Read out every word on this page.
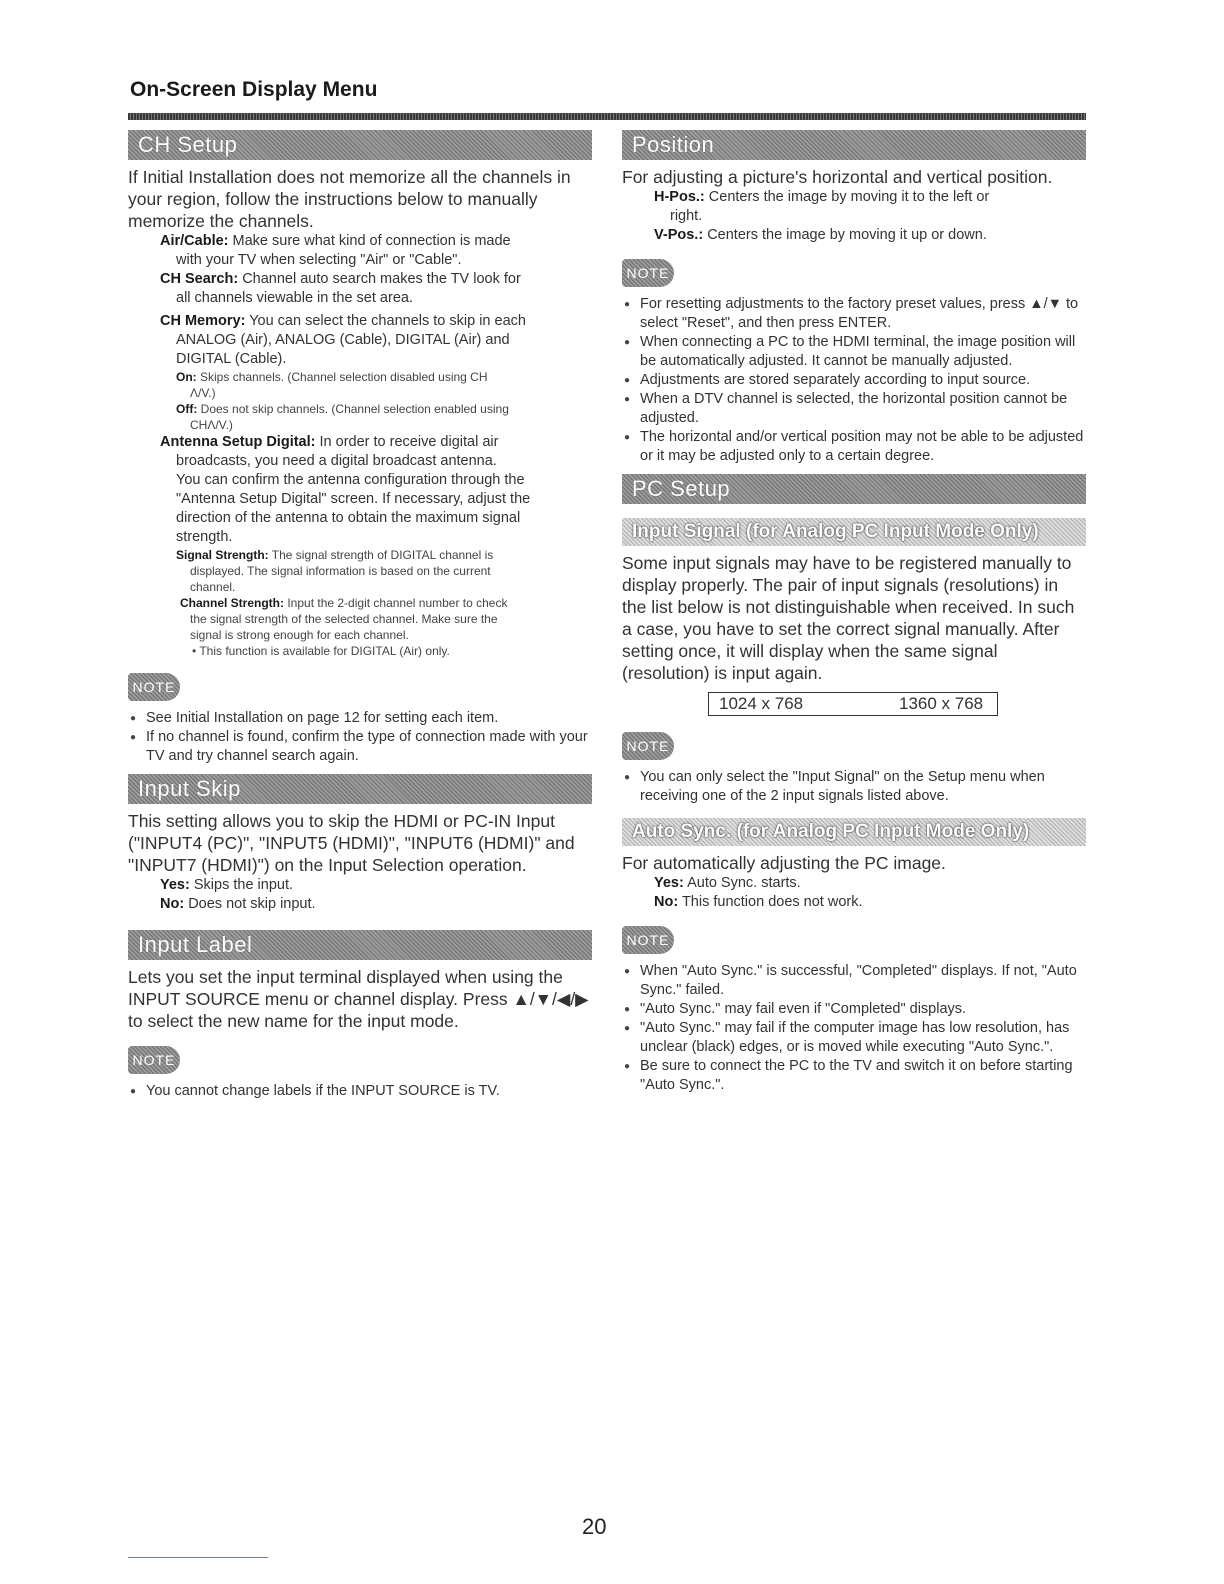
On-Screen Display Menu
CH Setup

If Initial Installation does not memorize all the channels in your region, follow the instructions below to manually memorize the channels.

Air/Cable: Make sure what kind of connection is made
with your TV when selecting "Air" or "Cable".
CH Search: Channel auto search makes the TV look for
all channels viewable in the set area.
CH Memory: You can select the channels to skip in each
ANALOG (Air), ANALOG (Cable), DIGITAL (Air) and
DIGITAL (Cable).
On: Skips channels. (Channel selection disabled using CH
Λ/V.)
Off: Does not skip channels. (Channel selection enabled using
CHΛ/V.)
Antenna Setup Digital: In order to receive digital air
broadcasts, you need a digital broadcast antenna.
You can confirm the antenna configuration through the
"Antenna Setup Digital" screen. If necessary, adjust the
direction of the antenna to obtain the maximum signal
strength.
Signal Strength: The signal strength of DIGITAL channel is
displayed. The signal information is based on the current
channel.
Channel Strength: Input the 2-digit channel number to check
the signal strength of the selected channel. Make sure the
signal is strong enough for each channel.
• This function is available for DIGITAL (Air) only.
NOTE
● See Initial Installation on page 12 for setting each item.
● If no channel is found, confirm the type of connection made with your TV and try channel search again.
Input Skip

This setting allows you to skip the HDMI or PC-IN Input ("INPUT4 (PC)", "INPUT5 (HDMI)", "INPUT6 (HDMI)" and "INPUT7 (HDMI)") on the Input Selection operation.

Yes: Skips the input.
No: Does not skip input.
Input Label

Lets you set the input terminal displayed when using the INPUT SOURCE menu or channel display. Press ▲/▼/◀/▶ to select the new name for the input mode.

NOTE
● You cannot change labels if the INPUT SOURCE is TV.
Position

For adjusting a picture's horizontal and vertical position.

H-Pos.: Centers the image by moving it to the left or
right.
V-Pos.: Centers the image by moving it up or down.
NOTE
● For resetting adjustments to the factory preset values, press ▲/▼ to select "Reset", and then press ENTER.
● When connecting a PC to the HDMI terminal, the image position will be automatically adjusted. It cannot be manually adjusted.
● Adjustments are stored separately according to input source.
● When a DTV channel is selected, the horizontal position cannot be adjusted.
● The horizontal and/or vertical position may not be able to be adjusted or it may be adjusted only to a certain degree.
PC Setup
Input Signal (for Analog PC Input Mode Only)

Some input signals may have to be registered manually to display properly. The pair of input signals (resolutions) in the list below is not distinguishable when received. In such a case, you have to set the correct signal manually. After setting once, it will display when the same signal (resolution) is input again.

1024 x 768	1360 x 768
NOTE
● You can only select the "Input Signal" on the Setup menu when receiving one of the 2 input signals listed above.
Auto Sync. (for Analog PC Input Mode Only)

For automatically adjusting the PC image.

Yes: Auto Sync. starts.
No: This function does not work.
NOTE
● When "Auto Sync." is successful, "Completed" displays. If not, "Auto Sync." failed.
● "Auto Sync." may fail even if "Completed" displays.
● "Auto Sync." may fail if the computer image has low resolution, has unclear (black) edges, or is moved while executing "Auto Sync.".
● Be sure to connect the PC to the TV and switch it on before starting "Auto Sync.".
20
